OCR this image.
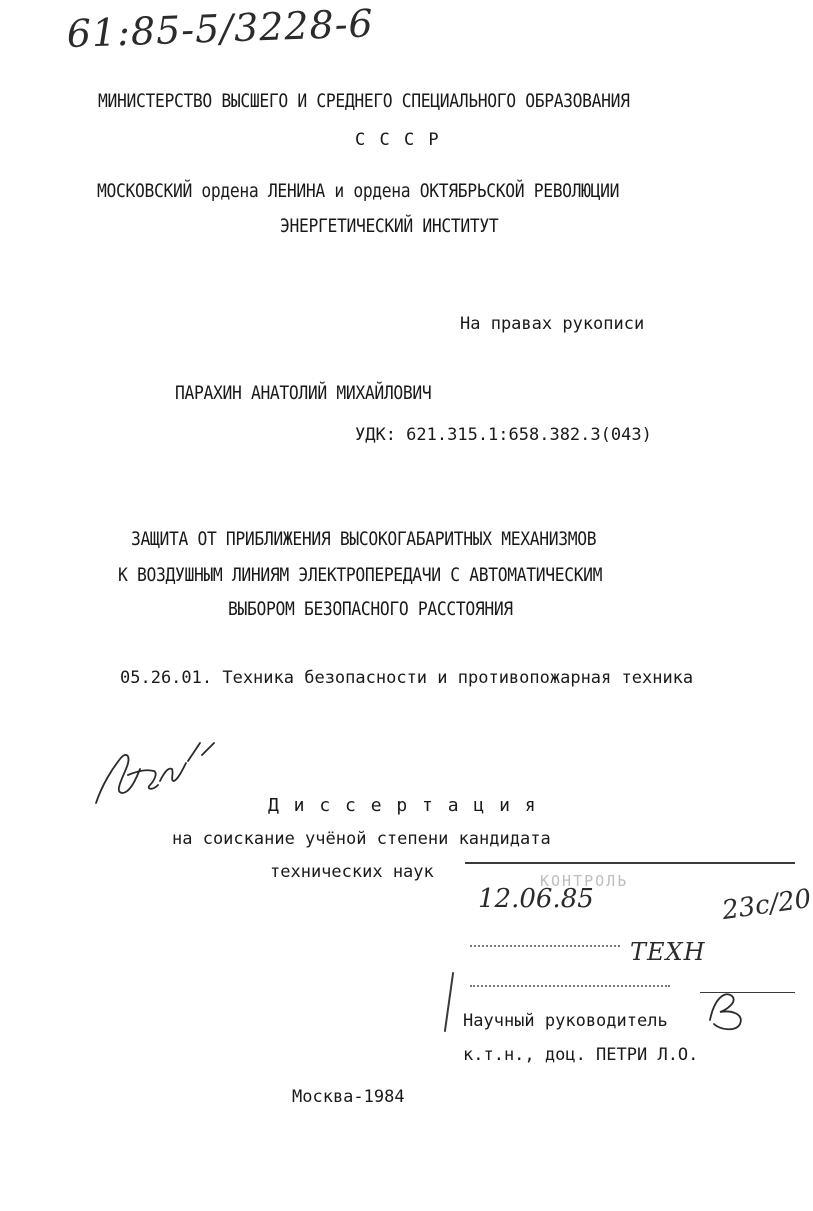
61:85-5/3228-6
МИНИСТЕРСТВО ВЫСШЕГО И СРЕДНЕГО СПЕЦИАЛЬНОГО ОБРАЗОВАНИЯ
С С С Р
МОСКОВСКИЙ ордена ЛЕНИНА и ордена ОКТЯБРЬСКОЙ РЕВОЛЮЦИИ
ЭНЕРГЕТИЧЕСКИЙ ИНСТИТУТ
На правах рукописи
ПАРАХИН АНАТОЛИЙ МИХАЙЛОВИЧ
УДК: 621.315.1:658.382.3(043)
ЗАЩИТА ОТ ПРИБЛИЖЕНИЯ ВЫСОКОГАБАРИТНЫХ МЕХАНИЗМОВ
К ВОЗДУШНЫМ ЛИНИЯМ ЭЛЕКТРОПЕРЕДАЧИ С АВТОМАТИЧЕСКИМ
ВЫБОРОМ БЕЗОПАСНОГО РАССТОЯНИЯ
05.26.01. Техника безопасности и противопожарная техника
Д и с с е р т а ц и я
на соискание учёной степени кандидата
технических наук	КОНТРОЛЬ
12.06.85	23с/20
ТЕХН
Научный руководитель
к.т.н., доц. ПЕТРИ Л.О.
Москва-1984
